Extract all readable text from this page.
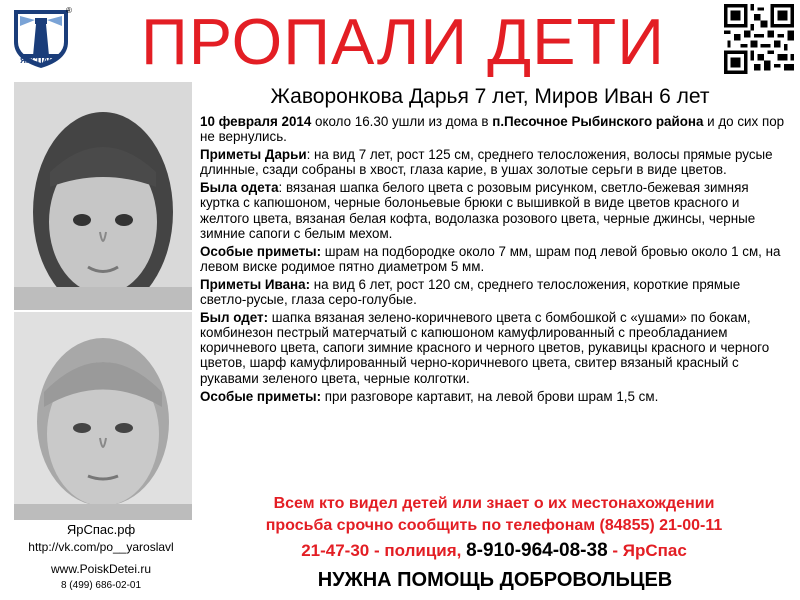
ЯРСПАС
®	ПРОПАЛИ ДЕТИ
ЯрСпас.рф
http://vk.com/po__yaroslavl
www.PoiskDetei.ru
8 (499) 686-02-01
Жаворонкова Дарья 7 лет, Миров Иван 6 лет

10 февраля 2014 около 16.30 ушли из дома в п.Песочное Рыбинского района и до сих пор не вернулись.

Приметы Дарьи: на вид 7 лет, рост 125 см, среднего телосложения, волосы прямые русые длинные, сзади собраны в хвост, глаза карие, в ушах золотые серьги в виде цветов.

Была одета: вязаная шапка белого цвета с розовым рисунком, светло-бежевая зимняя куртка с капюшоном, черные болоньевые брюки с вышивкой в виде цветов красного и желтого цвета, вязаная белая кофта, водолазка розового цвета, черные джинсы, черные зимние сапоги с белым мехом.

Особые приметы: шрам на подбородке около 7 мм, шрам под левой бровью около 1 см, на левом виске родимое пятно диаметром 5 мм.

Приметы Ивана: на вид 6 лет, рост 120 см, среднего телосложения, короткие прямые светло-русые, глаза серо-голубые.

Был одет: шапка вязаная зелено-коричневого цвета с бомбошкой с «ушами» по бокам, комбинезон пестрый матерчатый с капюшоном камуфлированный с преобладанием коричневого цвета, сапоги зимние красного и черного цветов, рукавицы красного и черного цветов, шарф камуфлированный черно-коричневого цвета, свитер вязаный красный с рукавами зеленого цвета, черные колготки.

Особые приметы: при разговоре картавит, на левой брови шрам 1,5 см.

Всем кто видел детей или знает о их местонахождении
просьба срочно сообщить по телефонам (84855) 21-00-11
21-47-30 - полиция, 8-910-964-08-38 - ЯрСпас
НУЖНА ПОМОЩЬ ДОБРОВОЛЬЦЕВ
